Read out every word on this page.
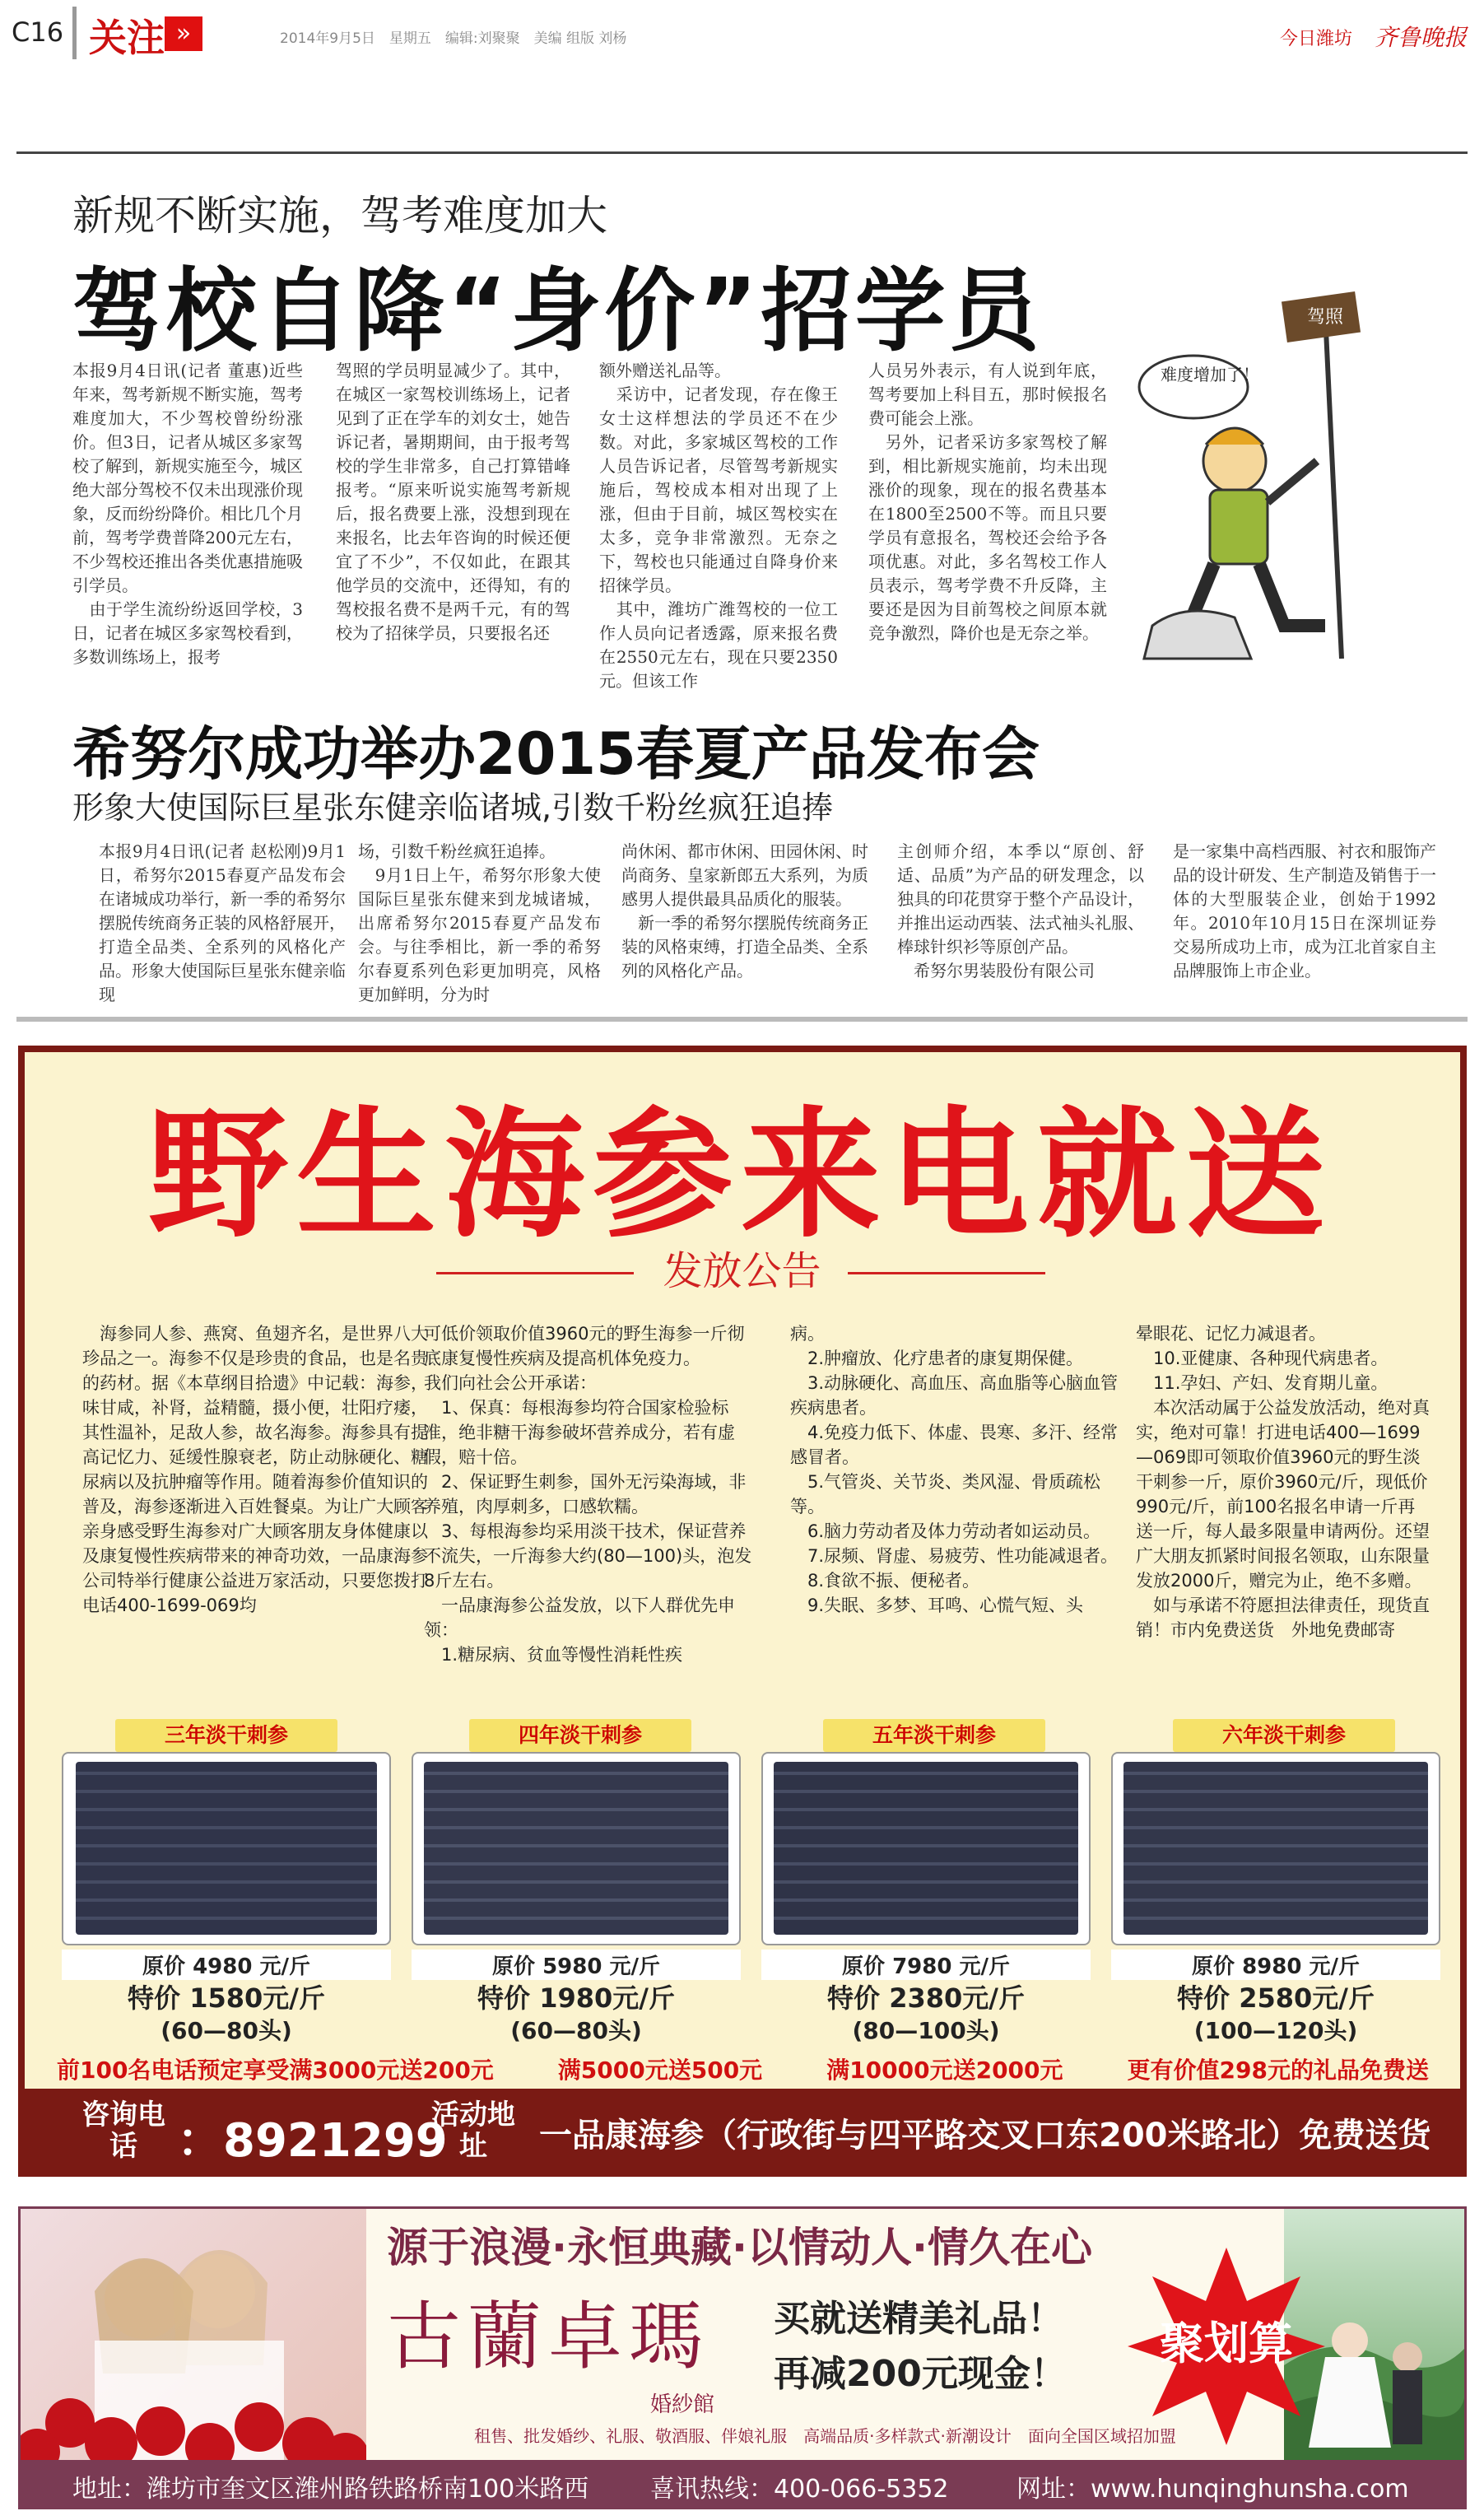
C16 关注 »	2014年9月5日　星期五　编辑:刘聚聚　美编 组版 刘杨	今日潍坊 齐鲁晚报
新规不断实施，驾考难度加大
驾校自降“身价”招学员
本报9月4日讯(记者 董惠)近些年来，驾考新规不断实施，驾考难度加大，不少驾校曾纷纷涨价。但3日，记者从城区多家驾校了解到，新规实施至今，城区绝大部分驾校不仅未出现涨价现象，反而纷纷降价。相比几个月前，驾考学费普降200元左右，不少驾校还推出各类优惠措施吸引学员。
　由于学生流纷纷返回学校，3日，记者在城区多家驾校看到，多数训练场上，报考
驾照的学员明显减少了。其中，在城区一家驾校训练场上，记者见到了正在学车的刘女士，她告诉记者，暑期期间，由于报考驾校的学生非常多，自己打算错峰报考。“原来听说实施驾考新规后，报名费要上涨，没想到现在来报名，比去年咨询的时候还便宜了不少”，不仅如此，在跟其他学员的交流中，还得知，有的驾校报名费不是两千元，有的驾校为了招徕学员，只要报名还
额外赠送礼品等。
　采访中，记者发现，存在像王女士这样想法的学员还不在少数。对此，多家城区驾校的工作人员告诉记者，尽管驾考新规实施后，驾校成本相对出现了上涨，但由于目前，城区驾校实在太多，竞争非常激烈。无奈之下，驾校也只能通过自降身价来招徕学员。
　其中，潍坊广潍驾校的一位工作人员向记者透露，原来报名费在2550元左右，现在只要2350元。但该工作
人员另外表示，有人说到年底，驾考要加上科目五，那时候报名费可能会上涨。
　另外，记者采访多家驾校了解到，相比新规实施前，均未出现涨价的现象，现在的报名费基本在1800至2500不等。而且只要学员有意报名，驾校还会给予各项优惠。对此，多名驾校工作人员表示，驾考学费不升反降，主要还是因为目前驾校之间原本就竞争激烈，降价也是无奈之举。
驾照
难度增加了！
希努尔成功举办2015春夏产品发布会
形象大使国际巨星张东健亲临诸城,引数千粉丝疯狂追捧
本报9月4日讯(记者 赵松刚)9月1日，希努尔2015春夏产品发布会在诸城成功举行，新一季的希努尔摆脱传统商务正装的风格舒展开，打造全品类、全系列的风格化产品。形象大使国际巨星张东健亲临现
场，引数千粉丝疯狂追捧。
　9月1日上午，希努尔形象大使国际巨星张东健来到龙城诸城，出席希努尔2015春夏产品发布会。与往季相比，新一季的希努尔春夏系列色彩更加明亮，风格更加鲜明，分为时
尚休闲、都市休闲、田园休闲、时尚商务、皇家新郎五大系列，为质感男人提供最具品质化的服装。
　新一季的希努尔摆脱传统商务正装的风格束缚，打造全品类、全系列的风格化产品。
主创师介绍，本季以“原创、舒适、品质”为产品的研发理念，以独具的印花贯穿于整个产品设计，并推出运动西装、法式袖头礼服、棒球针织衫等原创产品。
　希努尔男装股份有限公司
是一家集中高档西服、衬衣和服饰产品的设计研发、生产制造及销售于一体的大型服装企业，创始于1992年。2010年10月15日在深圳证券交易所成功上市，成为江北首家自主品牌服饰上市企业。
野生海参来电就送
发放公告
　海参同人参、燕窝、鱼翅齐名，是世界八大珍品之一。海参不仅是珍贵的食品，也是名贵的药材。据《本草纲目拾遗》中记载：海参，味甘咸，补肾，益精髓，摄小便，壮阳疗痿，其性温补，足敌人参，故名海参。海参具有提高记忆力、延缓性腺衰老，防止动脉硬化、糖尿病以及抗肿瘤等作用。随着海参价值知识的普及，海参逐渐进入百姓餐桌。为让广大顾客亲身感受野生海参对广大顾客朋友身体健康以及康复慢性疾病带来的神奇功效，一品康海参公司特举行健康公益进万家活动，只要您拨打电话400-1699-069均
可低价领取价值3960元的野生海参一斤彻底康复慢性疾病及提高机体免疫力。
我们向社会公开承诺：
　1、保真：每根海参均符合国家检验标准，绝非糖干海参破坏营养成分，若有虚假，赔十倍。
　2、保证野生刺参，国外无污染海域，非养殖，肉厚刺多，口感软糯。
　3、每根海参均采用淡干技术，保证营养不流失，一斤海参大约(80—100)头，泡发8斤左右。
　一品康海参公益发放，以下人群优先申领：
　1.糖尿病、贫血等慢性消耗性疾
病。
　2.肿瘤放、化疗患者的康复期保健。
　3.动脉硬化、高血压、高血脂等心脑血管疾病患者。
　4.免疫力低下、体虚、畏寒、多汗、经常感冒者。
　5.气管炎、关节炎、类风湿、骨质疏松等。
　6.脑力劳动者及体力劳动者如运动员。
　7.尿频、肾虚、易疲劳、性功能减退者。
　8.食欲不振、便秘者。
　9.失眠、多梦、耳鸣、心慌气短、头
晕眼花、记忆力减退者。
　10.亚健康、各种现代病患者。
　11.孕妇、产妇、发育期儿童。
　本次活动属于公益发放活动，绝对真实，绝对可靠！打进电话400—1699—069即可领取价值3960元的野生淡干刺参一斤，原价3960元/斤，现低价990元/斤，前100名报名申请一斤再送一斤，每人最多限量申请两份。还望广大朋友抓紧时间报名领取，山东限量发放2000斤，赠完为止，绝不多赠。
　如与承诺不符愿担法律责任，现货直销！市内免费送货　外地免费邮寄
三年淡干刺参
原价 4980 元/斤
特价 1580元/斤
(60—80头)
四年淡干刺参
原价 5980 元/斤
特价 1980元/斤
(60—80头)
五年淡干刺参
原价 7980 元/斤
特价 2380元/斤
(80—100头)
六年淡干刺参
原价 8980 元/斤
特价 2580元/斤
(100—120头)
前100名电话预定享受满3000元送200元	满5000元送500元	满10000元送2000元	更有价值298元的礼品免费送
咨询电话 ：8921299
活动地址	一品康海参（行政街与四平路交叉口东200米路北）免费送货
源于浪漫·永恒典藏·以情动人·情久在心
古蘭卓瑪
婚紗館
买就送精美礼品！
再减200元现金！
聚划算
租售、批发婚纱、礼服、敬酒服、伴娘礼服　高端品质·多样款式·新潮设计　面向全国区域招加盟
地址：潍坊市奎文区潍州路铁路桥南100米路西 喜讯热线：400-066-5352	网址：www.hunqinghunsha.com
